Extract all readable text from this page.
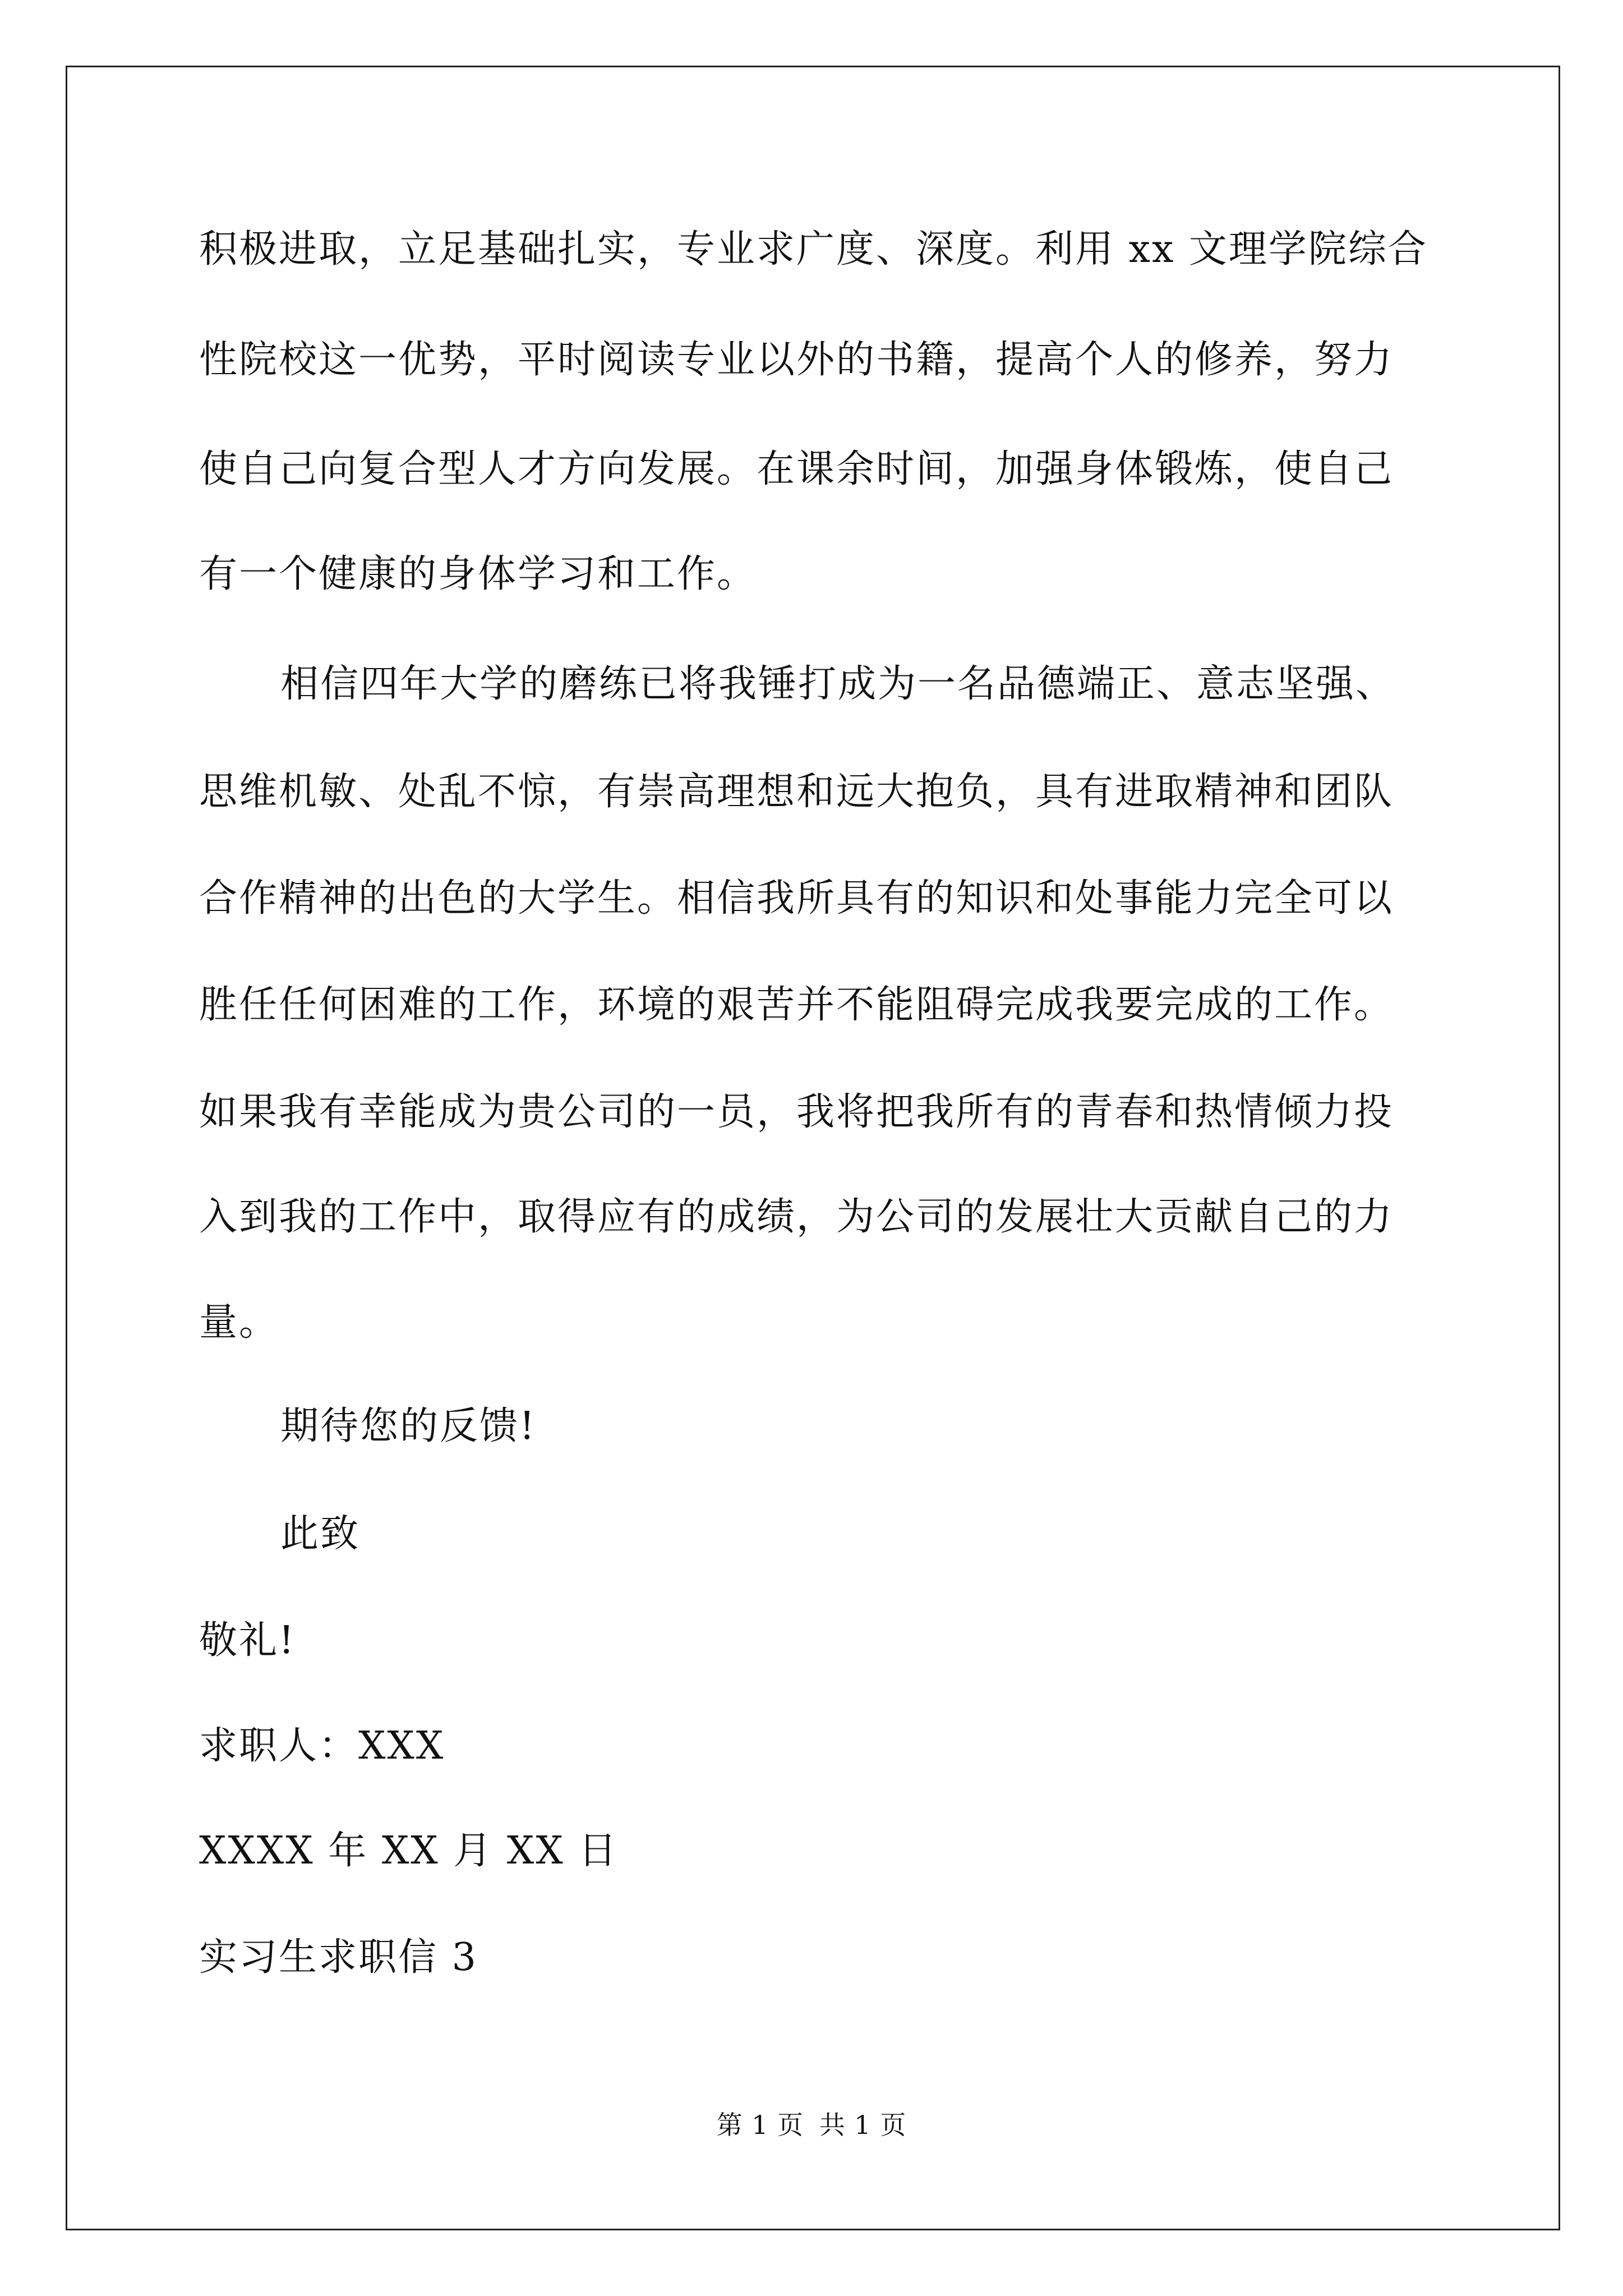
积极进取，立足基础扎实，专业求广度、深度。利用 xx 文理学院综合
性院校这一优势，平时阅读专业以外的书籍，提高个人的修养，努力
使自己向复合型人才方向发展。在课余时间，加强身体锻炼，使自己
有一个健康的身体学习和工作。
相信四年大学的磨练已将我锤打成为一名品德端正、意志坚强、
思维机敏、处乱不惊，有崇高理想和远大抱负，具有进取精神和团队
合作精神的出色的大学生。相信我所具有的知识和处事能力完全可以
胜任任何困难的工作，环境的艰苦并不能阻碍完成我要完成的工作。
如果我有幸能成为贵公司的一员，我将把我所有的青春和热情倾力投
入到我的工作中，取得应有的成绩，为公司的发展壮大贡献自己的力
量。
期待您的反馈!
此致
敬礼!
求职人：XXX
XXXX 年 XX 月 XX 日
实习生求职信 3
第 1 页 共 1 页
